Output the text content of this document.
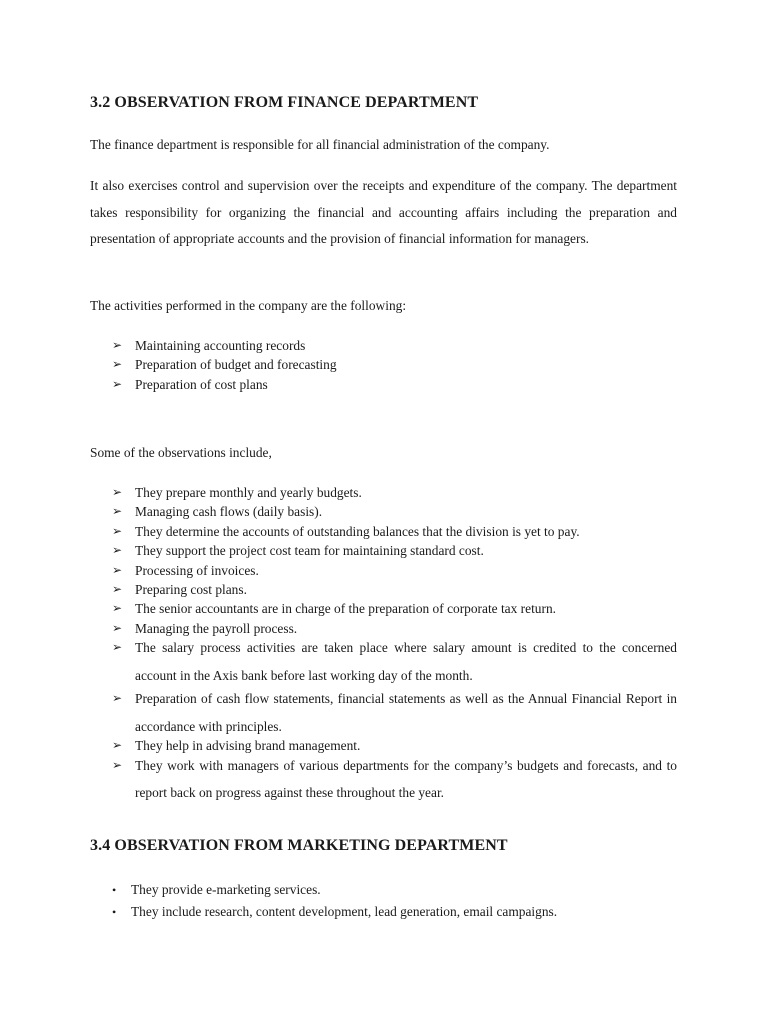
3.2 OBSERVATION FROM FINANCE DEPARTMENT

The finance department is responsible for all financial administration of the company.

It also exercises control and supervision over the receipts and expenditure of the company. The department takes responsibility for organizing the financial and accounting affairs including the preparation and presentation of appropriate accounts and the provision of financial information for managers.

The activities performed in the company are the following:

➢ Maintaining accounting records
➢ Preparation of budget and forecasting
➢ Preparation of cost plans

Some of the observations include,

➢ They prepare monthly and yearly budgets.
➢ Managing cash flows (daily basis).
➢ They determine the accounts of outstanding balances that the division is yet to pay.
➢ They support the project cost team for maintaining standard cost.
➢ Processing of invoices.
➢ Preparing cost plans.
➢ The senior accountants are in charge of the preparation of corporate tax return.
➢ Managing the payroll process.
➢ The salary process activities are taken place where salary amount is credited to the concerned account in the Axis bank before last working day of the month.
➢ Preparation of cash flow statements, financial statements as well as the Annual Financial Report in accordance with principles.
➢ They help in advising brand management.
➢ They work with managers of various departments for the company’s budgets and forecasts, and to report back on progress against these throughout the year.
3.4 OBSERVATION FROM MARKETING DEPARTMENT
• They provide e-marketing services.
• They include research, content development, lead generation, email campaigns.
